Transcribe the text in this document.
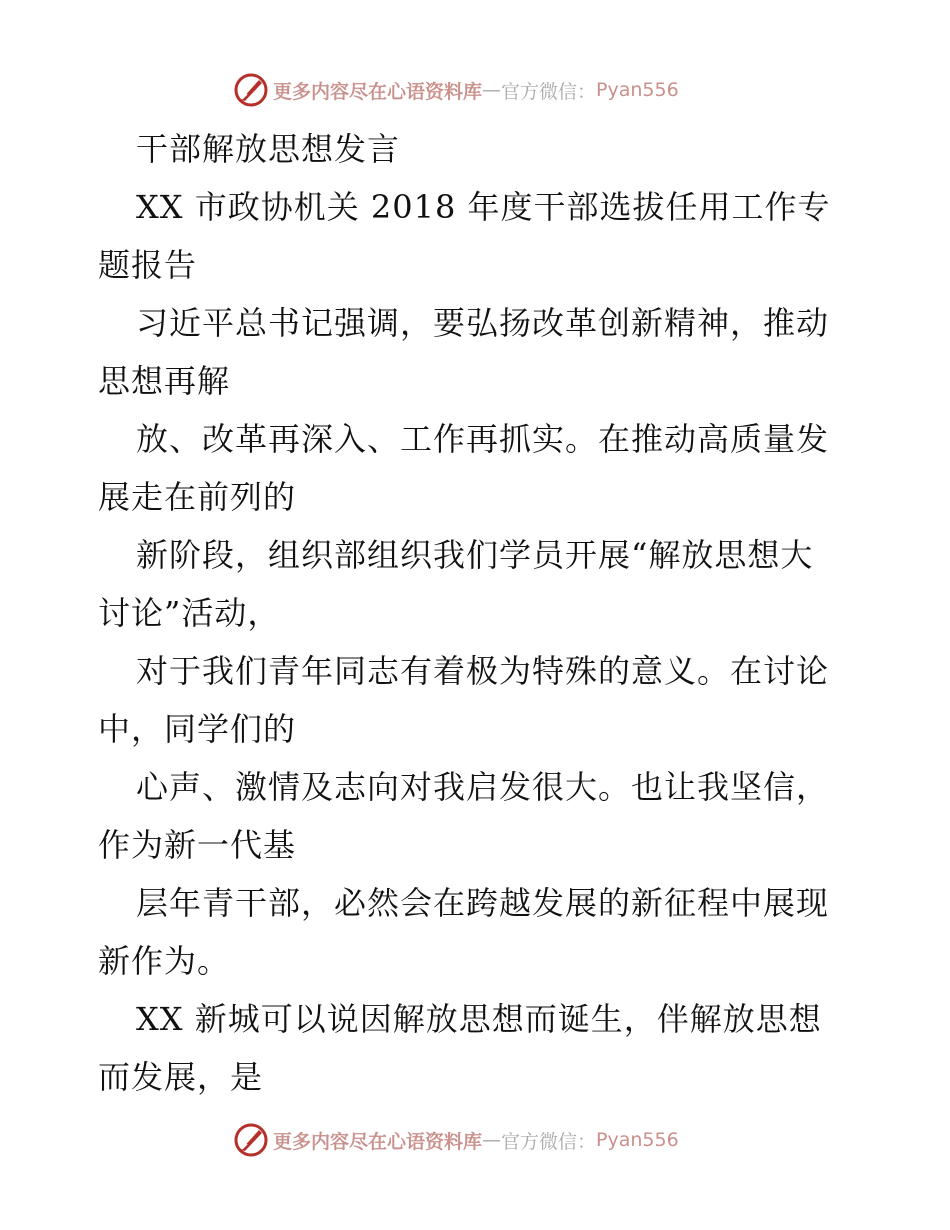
更多内容尽在心语资料库 — 官方微信： Pyan556
干部解放思想发言
XX 市政协机关 2018 年度干部选拔任用工作专
题报告
习近平总书记强调，要弘扬改革创新精神，推动
思想再解
放、改革再深入、工作再抓实。在推动高质量发
展走在前列的
新阶段，组织部组织我们学员开展“解放思想大
讨论”活动，
对于我们青年同志有着极为特殊的意义。在讨论
中，同学们的
心声、激情及志向对我启发很大。也让我坚信，
作为新一代基
层年青干部，必然会在跨越发展的新征程中展现
新作为。
XX 新城可以说因解放思想而诞生，伴解放思想
而发展，是
更多内容尽在心语资料库 — 官方微信： Pyan556
